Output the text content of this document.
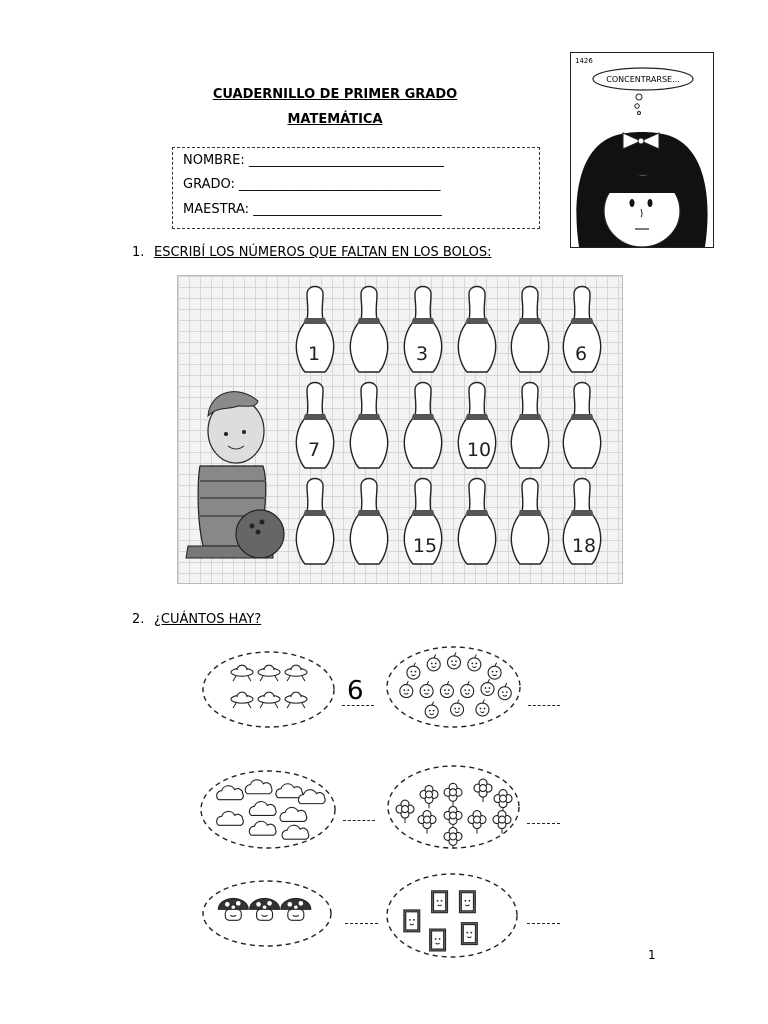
CUADERNILLO DE PRIMER GRADO
MATEMÁTICA
NOMBRE: ______________________________
GRADO: _______________________________
MAESTRA: _____________________________
1426
CONCENTRARSE...
1. ESCRIBÍ LOS NÚMEROS QUE FALTAN EN LOS BOLOS:
1	3	6
7	10
15	18
2. ¿CUÁNTOS HAY?
6
1
